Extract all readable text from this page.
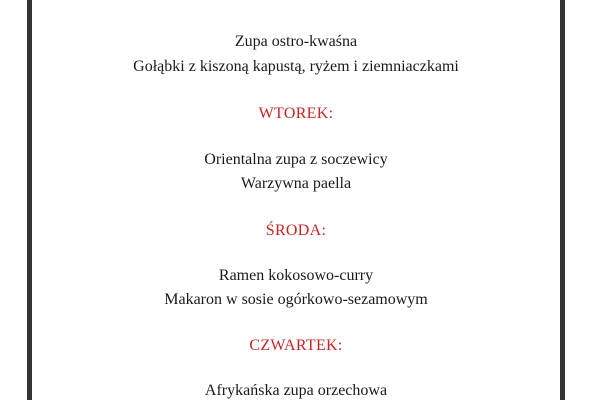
Zupa ostro-kwaśna
Gołąbki z kiszoną kapustą, ryżem i ziemniaczkami
WTOREK:
Orientalna zupa z soczewicy
Warzywna paella
ŚRODA:
Ramen kokosowo-curry
Makaron w sosie ogórkowo-sezamowym
CZWARTEK:
Afrykańska zupa orzechowa
